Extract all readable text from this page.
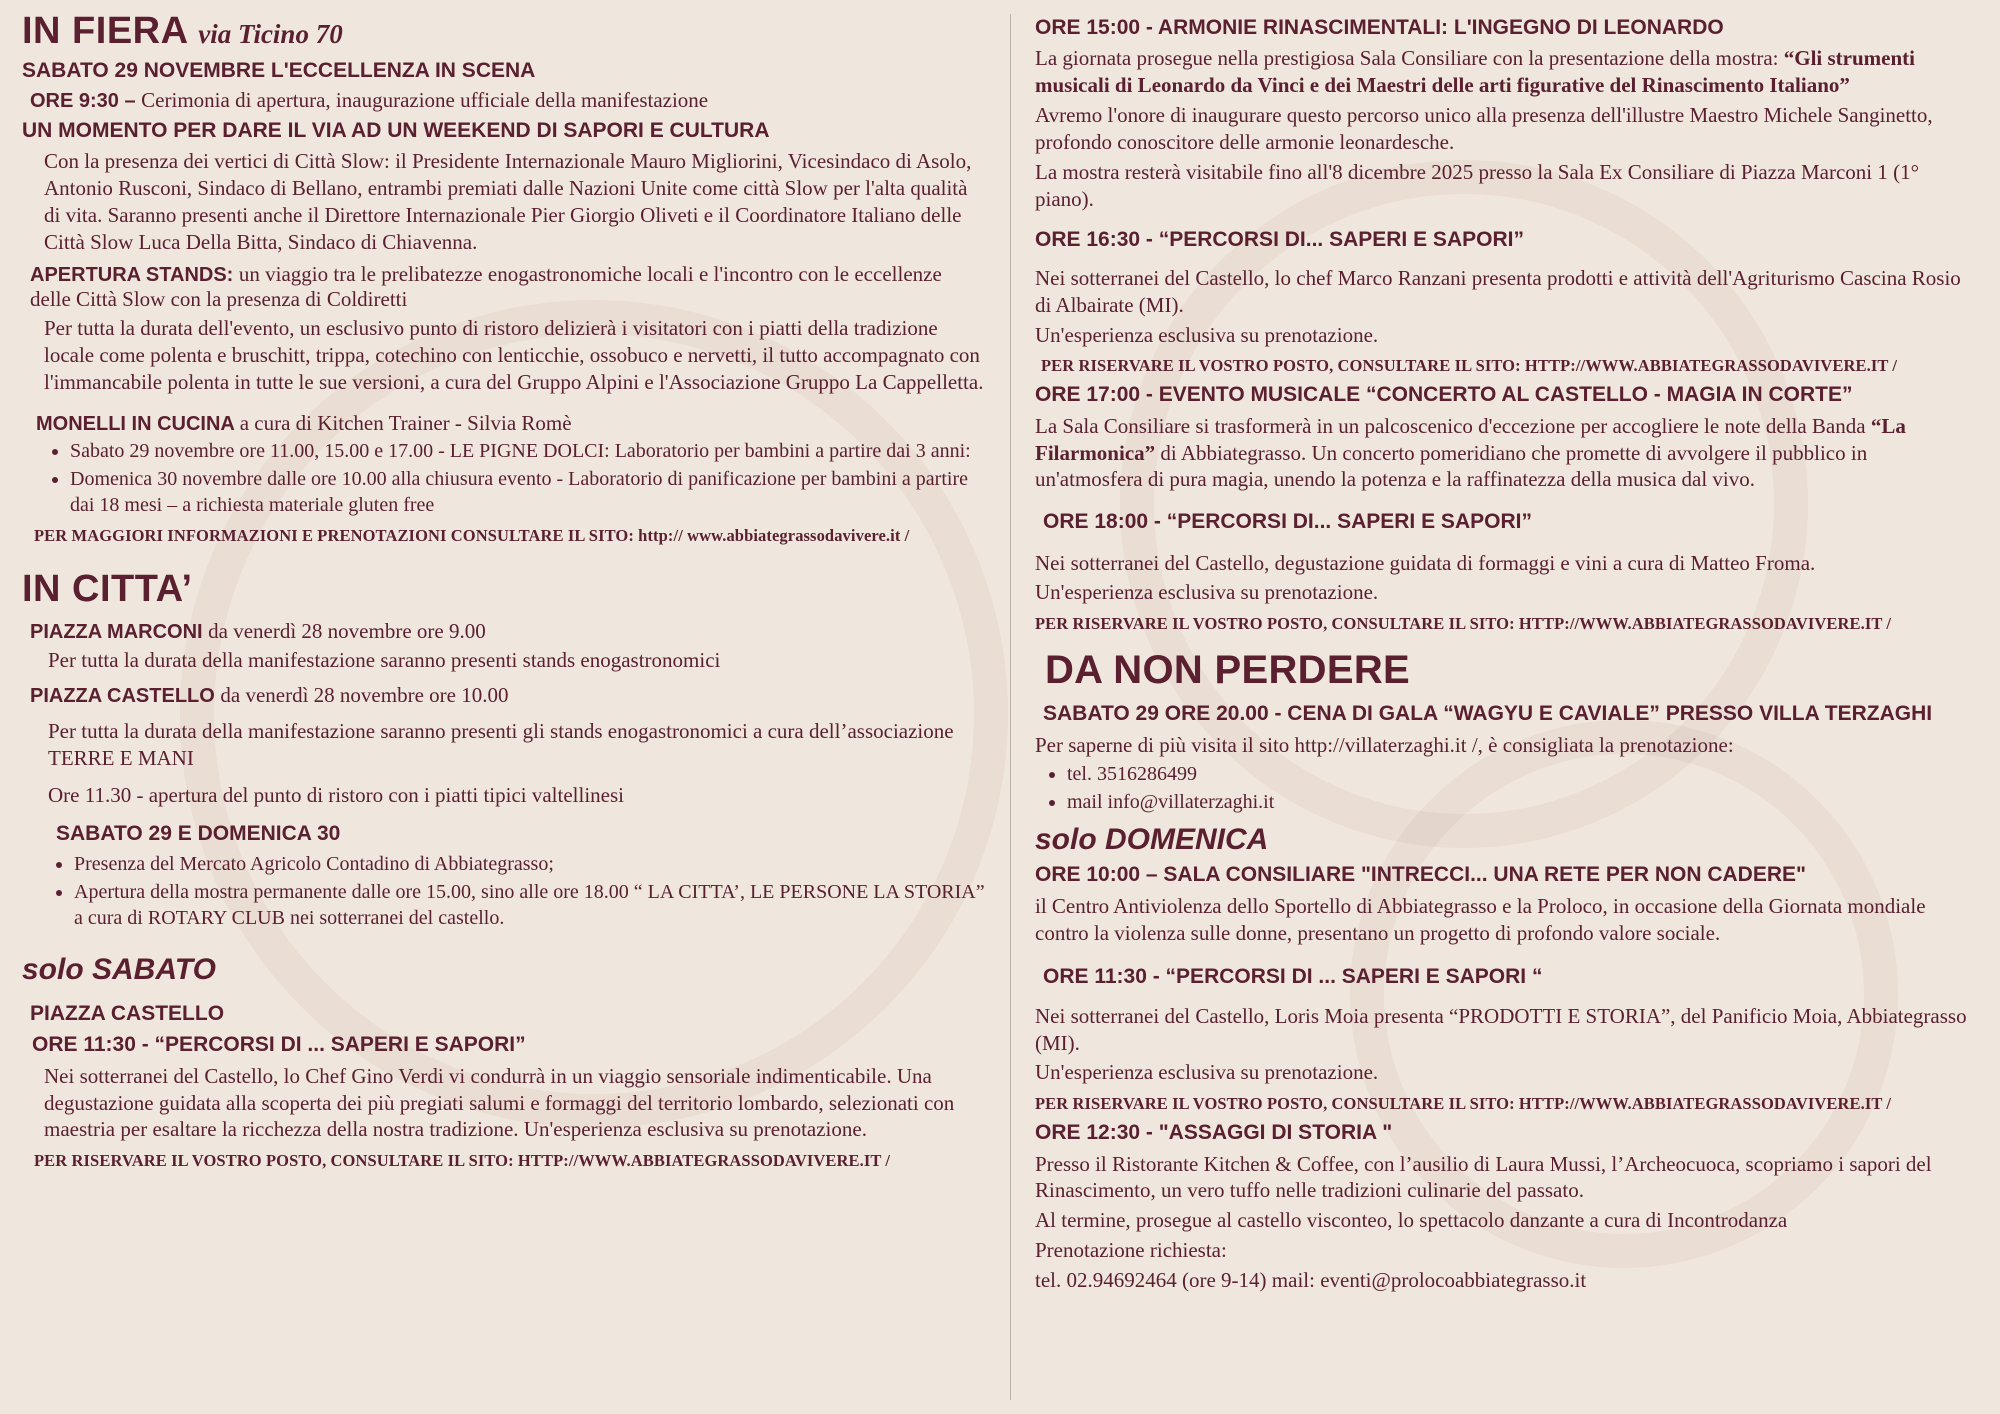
IN FIERA via Ticino 70
SABATO 29 NOVEMBRE L'ECCELLENZA IN SCENA
ORE 9:30 – Cerimonia di apertura, inaugurazione ufficiale della manifestazione
UN MOMENTO PER DARE IL VIA AD UN WEEKEND DI SAPORI E CULTURA

Con la presenza dei vertici di Città Slow: il Presidente Internazionale Mauro Migliorini, Vicesindaco di Asolo, Antonio Rusconi, Sindaco di Bellano, entrambi premiati dalle Nazioni Unite come città Slow per l'alta qualità di vita. Saranno presenti anche il Direttore Internazionale Pier Giorgio Oliveti e il Coordinatore Italiano delle Città Slow Luca Della Bitta, Sindaco di Chiavenna.

APERTURA STANDS: un viaggio tra le prelibatezze enogastronomiche locali e l'incontro con le eccellenze delle Città Slow con la presenza di Coldiretti

Per tutta la durata dell'evento, un esclusivo punto di ristoro delizierà i visitatori con i piatti della tradizione locale come polenta e bruschitt, trippa, cotechino con lenticchie, ossobuco e nervetti, il tutto accompagnato con l'immancabile polenta in tutte le sue versioni, a cura del Gruppo Alpini e l'Associazione Gruppo La Cappelletta.

MONELLI IN CUCINA a cura di Kitchen Trainer - Silvia Romè
• Sabato 29 novembre ore 11.00, 15.00 e 17.00 - LE PIGNE DOLCI: Laboratorio per bambini a partire dai 3 anni:
• Domenica 30 novembre dalle ore 10.00 alla chiusura evento - Laboratorio di panificazione per bambini a partire dai 18 mesi – a richiesta materiale gluten free
PER MAGGIORI INFORMAZIONI E PRENOTAZIONI CONSULTARE IL SITO: http:// www.abbiategrassodavivere.it /
IN CITTA’
PIAZZA MARCONI da venerdì 28 novembre ore 9.00

Per tutta la durata della manifestazione saranno presenti stands enogastronomici

PIAZZA CASTELLO da venerdì 28 novembre ore 10.00

Per tutta la durata della manifestazione saranno presenti gli stands enogastronomici a cura dell’associazione TERRE E MANI

Ore 11.30 - apertura del punto di ristoro con i piatti tipici valtellinesi

SABATO 29 E DOMENICA 30
• Presenza del Mercato Agricolo Contadino di Abbiategrasso;
• Apertura della mostra permanente dalle ore 15.00, sino alle ore 18.00 “ LA CITTA’, LE PERSONE LA STORIA” a cura di ROTARY CLUB nei sotterranei del castello.
solo SABATO
PIAZZA CASTELLO
ORE 11:30 - “PERCORSI DI ... SAPERI E SAPORI”

Nei sotterranei del Castello, lo Chef Gino Verdi vi condurrà in un viaggio sensoriale indimenticabile. Una degustazione guidata alla scoperta dei più pregiati salumi e formaggi del territorio lombardo, selezionati con maestria per esaltare la ricchezza della nostra tradizione. Un'esperienza esclusiva su prenotazione.

PER RISERVARE IL VOSTRO POSTO, CONSULTARE IL SITO: HTTP://WWW.ABBIATEGRASSODAVIVERE.IT /
ORE 15:00 - ARMONIE RINASCIMENTALI: L'INGEGNO DI LEONARDO

La giornata prosegue nella prestigiosa Sala Consiliare con la presentazione della mostra: “Gli strumenti musicali di Leonardo da Vinci e dei Maestri delle arti figurative del Rinascimento Italiano”

Avremo l'onore di inaugurare questo percorso unico alla presenza dell'illustre Maestro Michele Sanginetto, profondo conoscitore delle armonie leonardesche.

La mostra resterà visitabile fino all'8 dicembre 2025 presso la Sala Ex Consiliare di Piazza Marconi 1 (1° piano).

ORE 16:30 - “PERCORSI DI... SAPERI E SAPORI”

Nei sotterranei del Castello, lo chef Marco Ranzani presenta prodotti e attività dell'Agriturismo Cascina Rosio di Albairate (MI).

Un'esperienza esclusiva su prenotazione.

PER RISERVARE IL VOSTRO POSTO, CONSULTARE IL SITO: HTTP://WWW.ABBIATEGRASSODAVIVERE.IT /
ORE 17:00 - EVENTO MUSICALE “CONCERTO AL CASTELLO - MAGIA IN CORTE”

La Sala Consiliare si trasformerà in un palcoscenico d'eccezione per accogliere le note della Banda “La Filarmonica” di Abbiategrasso. Un concerto pomeridiano che promette di avvolgere il pubblico in un'atmosfera di pura magia, unendo la potenza e la raffinatezza della musica dal vivo.

ORE 18:00 - “PERCORSI DI... SAPERI E SAPORI”

Nei sotterranei del Castello, degustazione guidata di formaggi e vini a cura di Matteo Froma.

Un'esperienza esclusiva su prenotazione.

PER RISERVARE IL VOSTRO POSTO, CONSULTARE IL SITO: HTTP://WWW.ABBIATEGRASSODAVIVERE.IT /
DA NON PERDERE
SABATO 29 ORE 20.00 - CENA DI GALA “WAGYU E CAVIALE” PRESSO VILLA TERZAGHI

Per saperne di più visita il sito http://villaterzaghi.it /, è consigliata la prenotazione:

• tel. 3516286499
• mail info@villaterzaghi.it
solo DOMENICA
ORE 10:00 – SALA CONSILIARE "INTRECCI... UNA RETE PER NON CADERE"

il Centro Antiviolenza dello Sportello di Abbiategrasso e la Proloco, in occasione della Giornata mondiale contro la violenza sulle donne, presentano un progetto di profondo valore sociale.

ORE 11:30 - “PERCORSI DI ... SAPERI E SAPORI “

Nei sotterranei del Castello, Loris Moia presenta “PRODOTTI E STORIA”, del Panificio Moia, Abbiategrasso (MI).

Un'esperienza esclusiva su prenotazione.

PER RISERVARE IL VOSTRO POSTO, CONSULTARE IL SITO: HTTP://WWW.ABBIATEGRASSODAVIVERE.IT /
ORE 12:30 - "ASSAGGI DI STORIA "

Presso il Ristorante Kitchen & Coffee, con l’ausilio di Laura Mussi, l’Archeocuoca, scopriamo i sapori del Rinascimento, un vero tuffo nelle tradizioni culinarie del passato.

Al termine, prosegue al castello visconteo, lo spettacolo danzante a cura di Incontrodanza

Prenotazione richiesta:

tel. 02.94692464 (ore 9-14) mail: eventi@prolocoabbiategrasso.it
